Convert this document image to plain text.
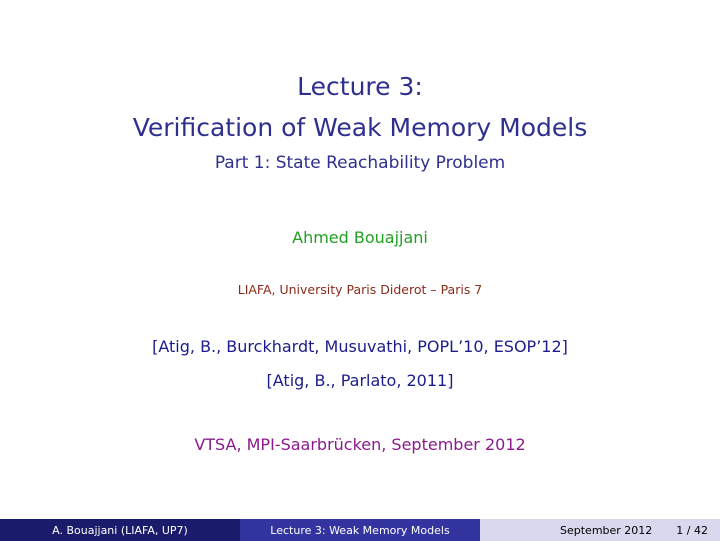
Lecture 3:
Verification of Weak Memory Models
Part 1: State Reachability Problem
Ahmed Bouajjani
LIAFA, University Paris Diderot – Paris 7
[Atig, B., Burckhardt, Musuvathi, POPL’10, ESOP’12]
[Atig, B., Parlato, 2011]
VTSA, MPI-Saarbrücken, September 2012
A. Bouajjani (LIAFA, UP7)	Lecture 3: Weak Memory Models	September 2012 1 / 42
